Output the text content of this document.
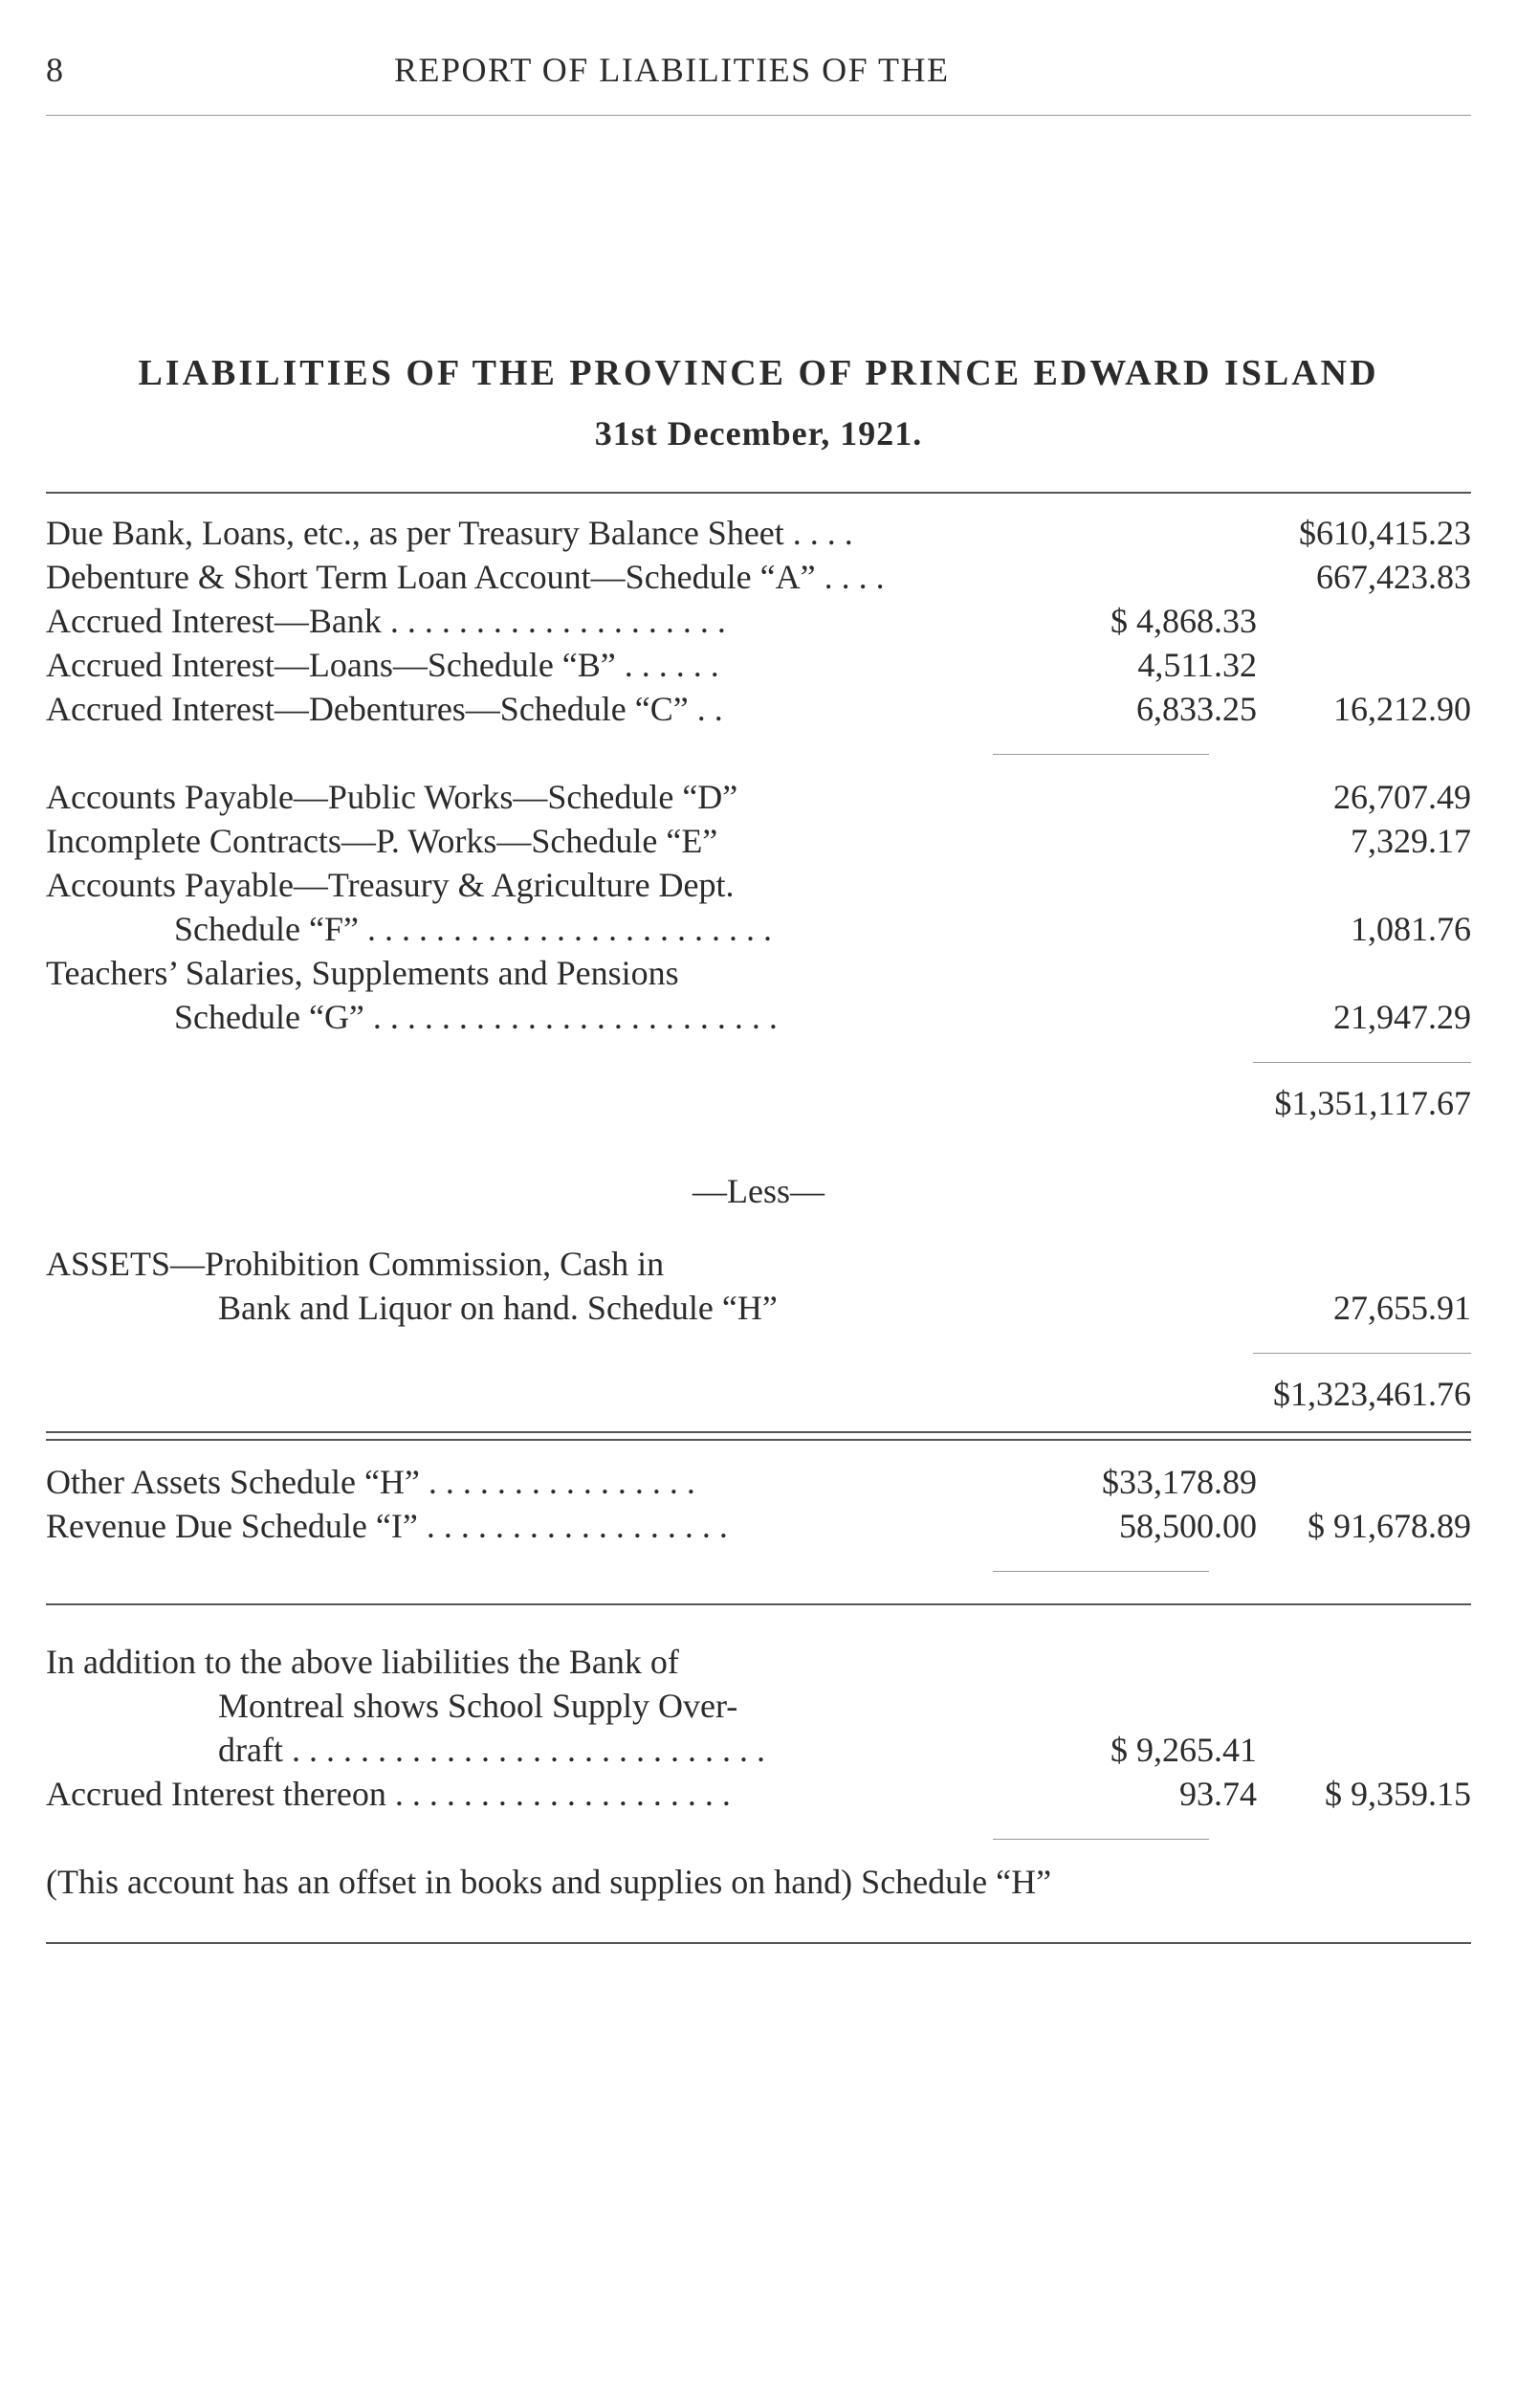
8	REPORT OF LIABILITIES OF THE
LIABILITIES OF THE PROVINCE OF PRINCE EDWARD ISLAND
31st December, 1921.
Due Bank, Loans, etc., as per Treasury Balance Sheet . . . .	$610,415.23
Debenture & Short Term Loan Account—Schedule “A” . . . .	667,423.83
Accrued Interest—Bank . . . . . . . . . . . . . . . . . . . .	$ 4,868.33
Accrued Interest—Loans—Schedule “B” . . . . . .	4,511.32
Accrued Interest—Debentures—Schedule “C” . .	6,833.25 16,212.90
Accounts Payable—Public Works—Schedule “D”	26,707.49
Incomplete Contracts—P. Works—Schedule “E”	7,329.17
Accounts Payable—Treasury & Agriculture Dept.
Schedule “F” . . . . . . . . . . . . . . . . . . . . . . . .	1,081.76
Teachers’ Salaries, Supplements and Pensions
Schedule “G” . . . . . . . . . . . . . . . . . . . . . . . .	21,947.29
$1,351,117.67
—Less—
ASSETS—Prohibition Commission, Cash in
Bank and Liquor on hand. Schedule “H”	27,655.91
$1,323,461.76
Other Assets Schedule “H” . . . . . . . . . . . . . . . .	$33,178.89
Revenue Due Schedule “I” . . . . . . . . . . . . . . . . . .	58,500.00 $ 91,678.89
In addition to the above liabilities the Bank of
Montreal shows School Supply Over-
draft . . . . . . . . . . . . . . . . . . . . . . . . . . . .	$ 9,265.41
Accrued Interest thereon . . . . . . . . . . . . . . . . . . . .	93.74 $ 9,359.15
(This account has an offset in books and supplies on hand) Schedule “H”
